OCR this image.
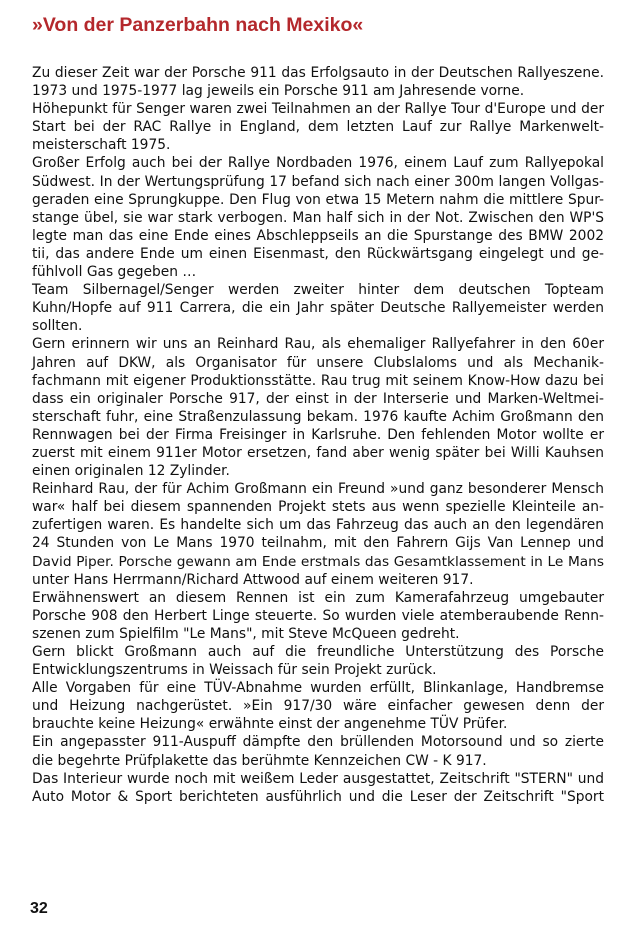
»Von der Panzerbahn nach Mexiko«
Zu dieser Zeit war der Porsche 911 das Erfolgsauto in der Deutschen Rallyeszene.
1973 und 1975-1977 lag jeweils ein Porsche 911 am Jahresende vorne.
Höhepunkt für Senger waren zwei Teilnahmen an der Rallye Tour d'Europe und der
Start bei der RAC Rallye in England, dem letzten Lauf zur Rallye Markenwelt-
meisterschaft 1975.
Großer Erfolg auch bei der Rallye Nordbaden 1976, einem Lauf zum Rallyepokal
Südwest. In der Wertungsprüfung 17 befand sich nach einer 300m langen Vollgas-
geraden eine Sprungkuppe. Den Flug von etwa 15 Metern nahm die mittlere Spur-
stange übel, sie war stark verbogen. Man half sich in der Not. Zwischen den WP'S
legte man das eine Ende eines Abschleppseils an die Spurstange des BMW 2002
tii, das andere Ende um einen Eisenmast, den Rückwärtsgang eingelegt und ge-
fühlvoll Gas gegeben …
Team Silbernagel/Senger werden zweiter hinter dem deutschen Topteam
Kuhn/Hopfe auf 911 Carrera, die ein Jahr später Deutsche Rallyemeister werden
sollten.
Gern erinnern wir uns an Reinhard Rau, als ehemaliger Rallyefahrer in den 60er
Jahren auf DKW, als Organisator für unsere Clubslaloms und als Mechanik-
fachmann mit eigener Produktionsstätte. Rau trug mit seinem Know-How dazu bei
dass ein originaler Porsche 917, der einst in der Interserie und Marken-Weltmei-
sterschaft fuhr, eine Straßenzulassung bekam. 1976 kaufte Achim Großmann den
Rennwagen bei der Firma Freisinger in Karlsruhe. Den fehlenden Motor wollte er
zuerst mit einem 911er Motor ersetzen, fand aber wenig später bei Willi Kauhsen
einen originalen 12 Zylinder.
Reinhard Rau, der für Achim Großmann ein Freund »und ganz besonderer Mensch
war« half bei diesem spannenden Projekt stets aus wenn spezielle Kleinteile an-
zufertigen waren. Es handelte sich um das Fahrzeug das auch an den legendären
24 Stunden von Le Mans 1970 teilnahm, mit den Fahrern Gijs Van Lennep und
David Piper. Porsche gewann am Ende erstmals das Gesamtklassement in Le Mans
unter Hans Herrmann/Richard Attwood auf einem weiteren 917.
Erwähnenswert an diesem Rennen ist ein zum Kamerafahrzeug umgebauter
Porsche 908 den Herbert Linge steuerte. So wurden viele atemberaubende Renn-
szenen zum Spielfilm "Le Mans", mit Steve McQueen gedreht.
Gern blickt Großmann auch auf die freundliche Unterstützung des Porsche
Entwicklungszentrums in Weissach für sein Projekt zurück.
Alle Vorgaben für eine TÜV-Abnahme wurden erfüllt, Blinkanlage, Handbremse
und Heizung nachgerüstet. »Ein 917/30 wäre einfacher gewesen denn der
brauchte keine Heizung« erwähnte einst der angenehme TÜV Prüfer.
Ein angepasster 911-Auspuff dämpfte den brüllenden Motorsound und so zierte
die begehrte Prüfplakette das berühmte Kennzeichen CW - K 917.
Das Interieur wurde noch mit weißem Leder ausgestattet, Zeitschrift "STERN" und
Auto Motor & Sport berichteten ausführlich und die Leser der Zeitschrift "Sport
32
